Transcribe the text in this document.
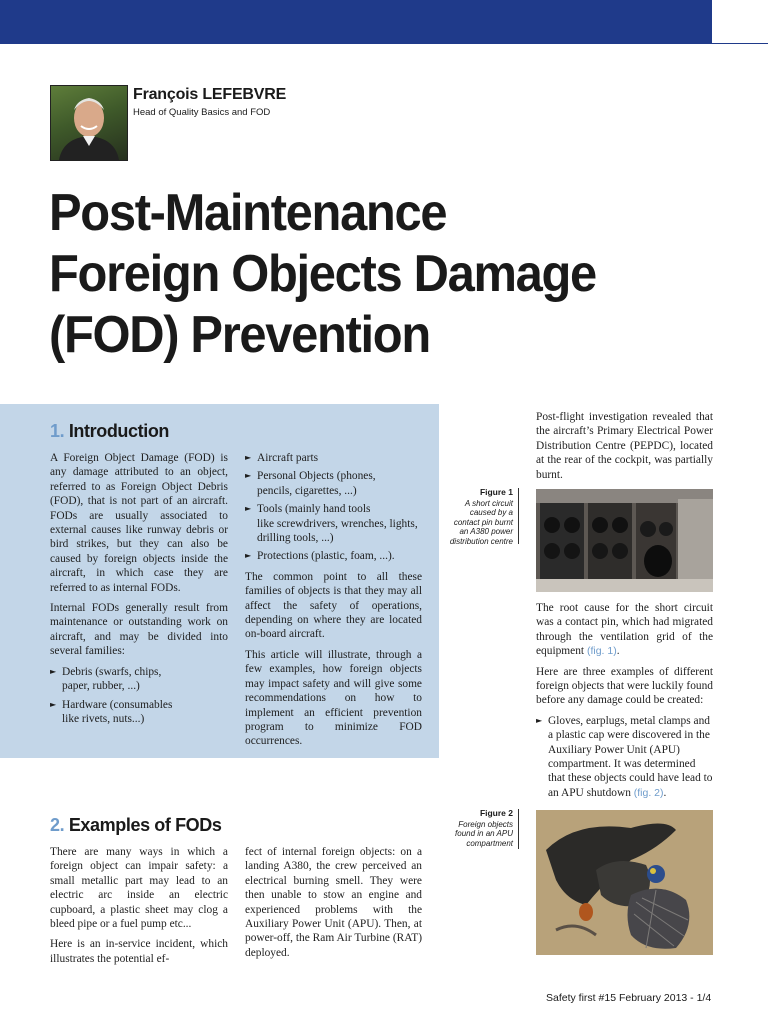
François LEFEBVRE
Head of Quality Basics and FOD
Post-Maintenance
Foreign Objects Damage
(FOD) Prevention
1. Introduction

A Foreign Object Damage (FOD) is any damage attributed to an object, referred to as Foreign Object Debris (FOD), that is not part of an aircraft. FODs are usually associated to external causes like runway debris or bird strikes, but they can also be caused by foreign objects inside the aircraft, in which case they are referred to as internal FODs.

Internal FODs generally result from maintenance or outstanding work on aircraft, and may be divided into several families:

► Debris (swarfs, chips,
paper, rubber, ...)
► Hardware (consumables
like rivets, nuts...)
► Aircraft parts
► Personal Objects (phones,
pencils, cigarettes, ...)
► Tools (mainly hand tools
like screwdrivers, wrenches, lights, drilling tools, ...)
► Protections (plastic, foam, ...).

The common point to all these families of objects is that they may all affect the safety of operations, depending on where they are located on-board aircraft.

This article will illustrate, through a few examples, how foreign objects may impact safety and will give some recommendations on how to implement an efficient prevention program to minimize FOD occurrences.

Post-flight investigation revealed that the aircraft’s Primary Electrical Power Distribution Centre (PEPDC), located at the rear of the cockpit, was partially burnt.

Figure 1
A short circuit caused by a contact pin burnt an A380 power distribution centre

The root cause for the short circuit was a contact pin, which had migrated through the ventilation grid of the equipment (fig. 1).

Here are three examples of different foreign objects that were luckily found before any damage could be created:

► Gloves, earplugs, metal clamps and a plastic cap were discovered in the Auxiliary Power Unit (APU) compartment. It was determined that these objects could have lead to an APU shutdown (fig. 2).
Figure 2
Foreign objects found in an APU compartment
2. Examples of FODs

There are many ways in which a foreign object can impair safety: a small metallic part may lead to an electric arc inside an electric cupboard, a plastic sheet may clog a bleed pipe or a fuel pump etc...

Here is an in-service incident, which illustrates the potential ef-

fect of internal foreign objects: on a landing A380, the crew perceived an electrical burning smell. They were then unable to stow an engine and experienced problems with the Auxiliary Power Unit (APU). Then, at power-off, the Ram Air Turbine (RAT) deployed.

Safety first #15 February 2013 - 1/4
